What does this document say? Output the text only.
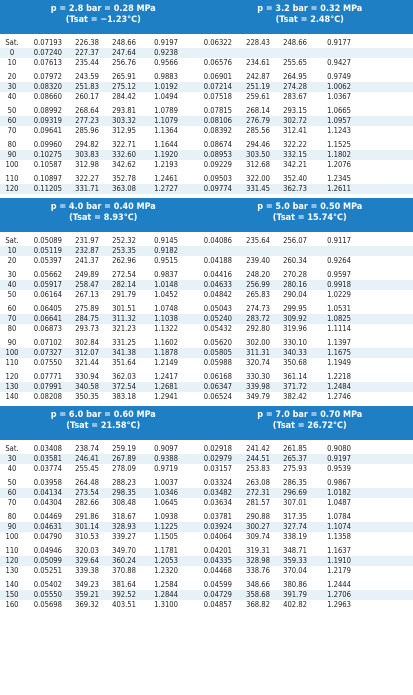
p = 2.8 bar = 0.28 MPa
(Tsat = −1.23°C)
p = 3.2 bar = 0.32 MPa
(Tsat = 2.48°C)
Sat.	0.07193	226.38	248.66	0.9197	0.06322	228.43	248.66	0.9177
0	0.07240	227.37	247.64	0.9238
10	0.07613	235.44	256.76	0.9566	0.06576	234.61	255.65	0.9427
20	0.07972	243.59	265.91	0.9883	0.06901	242.87	264.95	0.9749
30	0.08320	251.83	275.12	1.0192	0.07214	251.19	274.28	1.0062
40	0.08660	260.17	284.42	1.0494	0.07518	259.61	283.67	1.0367
50	0.08992	268.64	293.81	1.0789	0.07815	268.14	293.15	1.0665
60	0.09319	277.23	303.32	1.1079	0.08106	276.79	302.72	1.0957
70	0.09641	285.96	312.95	1.1364	0.08392	285.56	312.41	1.1243
80	0.09960	294.82	322.71	1.1644	0.08674	294.46	322.22	1.1525
90	0.10275	303.83	332.60	1.1920	0.08953	303.50	332.15	1.1802
100	0.10587	312.98	342.62	1.2193	0.09229	312.68	342.21	1.2076
110	0.10897	322.27	352.78	1.2461	0.09503	322.00	352.40	1.2345
120	0.11205	331.71	363.08	1.2727	0.09774	331.45	362.73	1.2611
p = 4.0 bar = 0.40 MPa
(Tsat = 8.93°C)
p = 5.0 bar = 0.50 MPa
(Tsat = 15.74°C)
Sat.	0.05089	231.97	252.32	0.9145	0.04086	235.64	256.07	0.9117
10	0.05119	232.87	253.35	0.9182
20	0.05397	241.37	262.96	0.9515	0.04188	239.40	260.34	0.9264
30	0.05662	249.89	272.54	0.9837	0.04416	248.20	270.28	0.9597
40	0.05917	258.47	282.14	1.0148	0.04633	256.99	280.16	0.9918
50	0.06164	267.13	291.79	1.0452	0.04842	265.83	290.04	1.0229
60	0.06405	275.89	301.51	1.0748	0.05043	274.73	299.95	1.0531
70	0.06641	284.75	311.32	1.1038	0.05240	283.72	309.92	1.0825
80	0.06873	293.73	321.23	1.1322	0.05432	292.80	319.96	1.1114
90	0.07102	302.84	331.25	1.1602	0.05620	302.00	330.10	1.1397
100	0.07327	312.07	341.38	1.1878	0.05805	311.31	340.33	1.1675
110	0.07550	321.44	351.64	1.2149	0.05988	320.74	350.68	1.1949
120	0.07771	330.94	362.03	1.2417	0.06168	330.30	361.14	1.2218
130	0.07991	340.58	372.54	1.2681	0.06347	339.98	371.72	1.2484
140	0.08208	350.35	383.18	1.2941	0.06524	349.79	382.42	1.2746
p = 6.0 bar = 0.60 MPa
(Tsat = 21.58°C)
p = 7.0 bar = 0.70 MPa
(Tsat = 26.72°C)
Sat.	0.03408	238.74	259.19	0.9097	0.02918	241.42	261.85	0.9080
30	0.03581	246.41	267.89	0.9388	0.02979	244.51	265.37	0.9197
40	0.03774	255.45	278.09	0.9719	0.03157	253.83	275.93	0.9539
50	0.03958	264.48	288.23	1.0037	0.03324	263.08	286.35	0.9867
60	0.04134	273.54	298.35	1.0346	0.03482	272.31	296.69	1.0182
70	0.04304	282.66	308.48	1.0645	0.03634	281.57	307.01	1.0487
80	0.04469	291.86	318.67	1.0938	0.03781	290.88	317.35	1.0784
90	0.04631	301.14	328.93	1.1225	0.03924	300.27	327.74	1.1074
100	0.04790	310.53	339.27	1.1505	0.04064	309.74	338.19	1.1358
110	0.04946	320.03	349.70	1.1781	0.04201	319.31	348.71	1.1637
120	0.05099	329.64	360.24	1.2053	0.04335	328.98	359.33	1.1910
130	0.05251	339.38	370.88	1.2320	0.04468	338.76	370.04	1.2179
140	0.05402	349.23	381.64	1.2584	0.04599	348.66	380.86	1.2444
150	0.05550	359.21	392.52	1.2844	0.04729	358.68	391.79	1.2706
160	0.05698	369.32	403.51	1.3100	0.04857	368.82	402.82	1.2963
